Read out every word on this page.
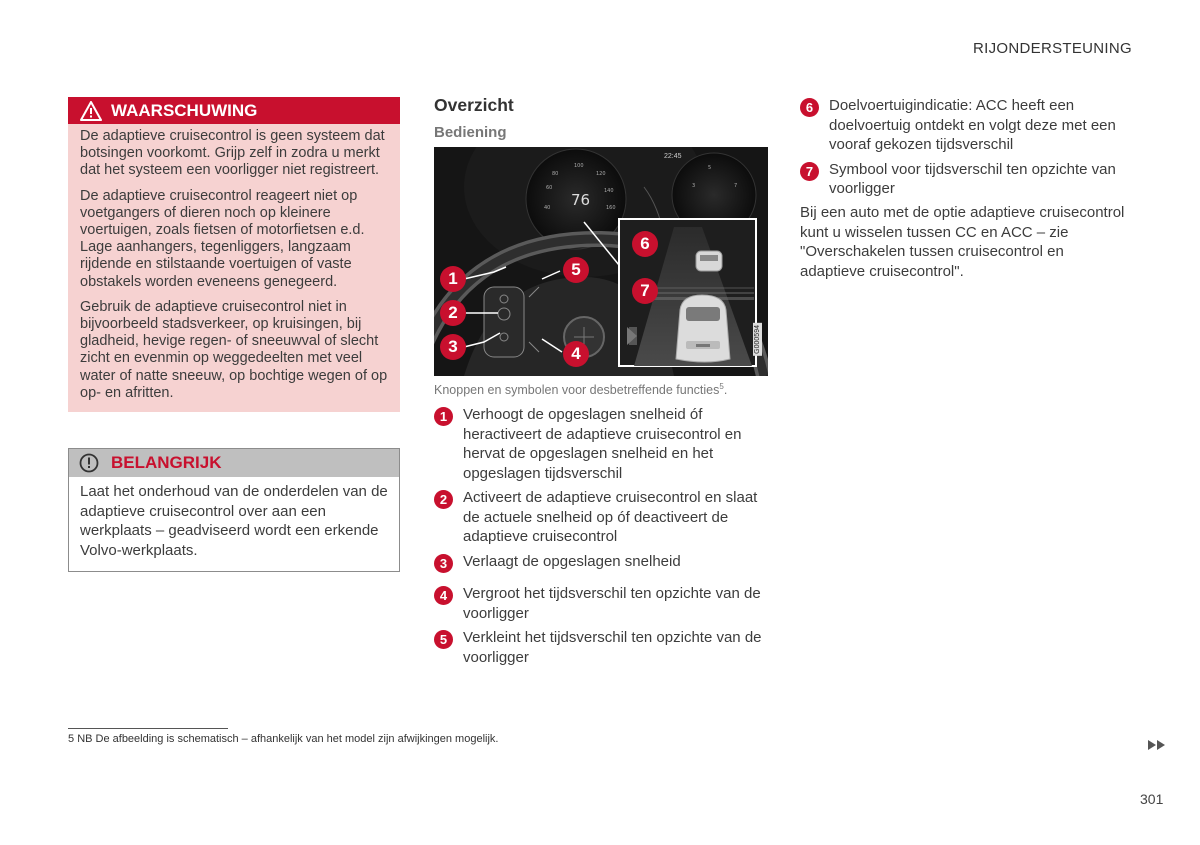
RIJONDERSTEUNING
WAARSCHUWING

De adaptieve cruisecontrol is geen systeem dat botsingen voorkomt. Grijp zelf in zodra u merkt dat het systeem een voorligger niet registreert.

De adaptieve cruisecontrol reageert niet op voetgangers of dieren noch op kleinere voertuigen, zoals fietsen of motorfietsen e.d. Lage aanhangers, tegenliggers, langzaam rijdende en stilstaande voertuigen of vaste obstakels worden eveneens genegeerd.

Gebruik de adaptieve cruisecontrol niet in bijvoorbeeld stadsverkeer, op kruisingen, bij gladheid, hevige regen- of sneeuwval of slecht zicht en evenmin op weggedeelten met veel water of natte sneeuw, op bochtige wegen of op op- en afritten.

BELANGRIJK
Laat het onderhoud van de onderdelen van de adaptieve cruisecontrol over aan een werkplaats – geadviseerd wordt een erkende Volvo-werkplaats.
Overzicht
Bediening
60
80
100
120
140
40	160
3
5
7
22:45
76
1
2
3	4
5
6
7
G000594
Knoppen en symbolen voor desbetreffende functies$^5$.
1	Verhoogt de opgeslagen snelheid óf heractiveert de adaptieve cruisecontrol en hervat de opgeslagen snelheid en het opgeslagen tijdsverschil
2	Activeert de adaptieve cruisecontrol en slaat de actuele snelheid op óf deactiveert de adaptieve cruisecontrol
3	Verlaagt de opgeslagen snelheid
4	Vergroot het tijdsverschil ten opzichte van de voorligger
5	Verkleint het tijdsverschil ten opzichte van de voorligger
6	Doelvoertuigindicatie: ACC heeft een doelvoertuig ontdekt en volgt deze met een vooraf gekozen tijdsverschil
7	Symbool voor tijdsverschil ten opzichte van voorligger

Bij een auto met de optie adaptieve cruisecontrol kunt u wisselen tussen CC en ACC – zie "Overschakelen tussen cruisecontrol en adaptieve cruisecontrol".

5 NB De afbeelding is schematisch – afhankelijk van het model zijn afwijkingen mogelijk.
301
